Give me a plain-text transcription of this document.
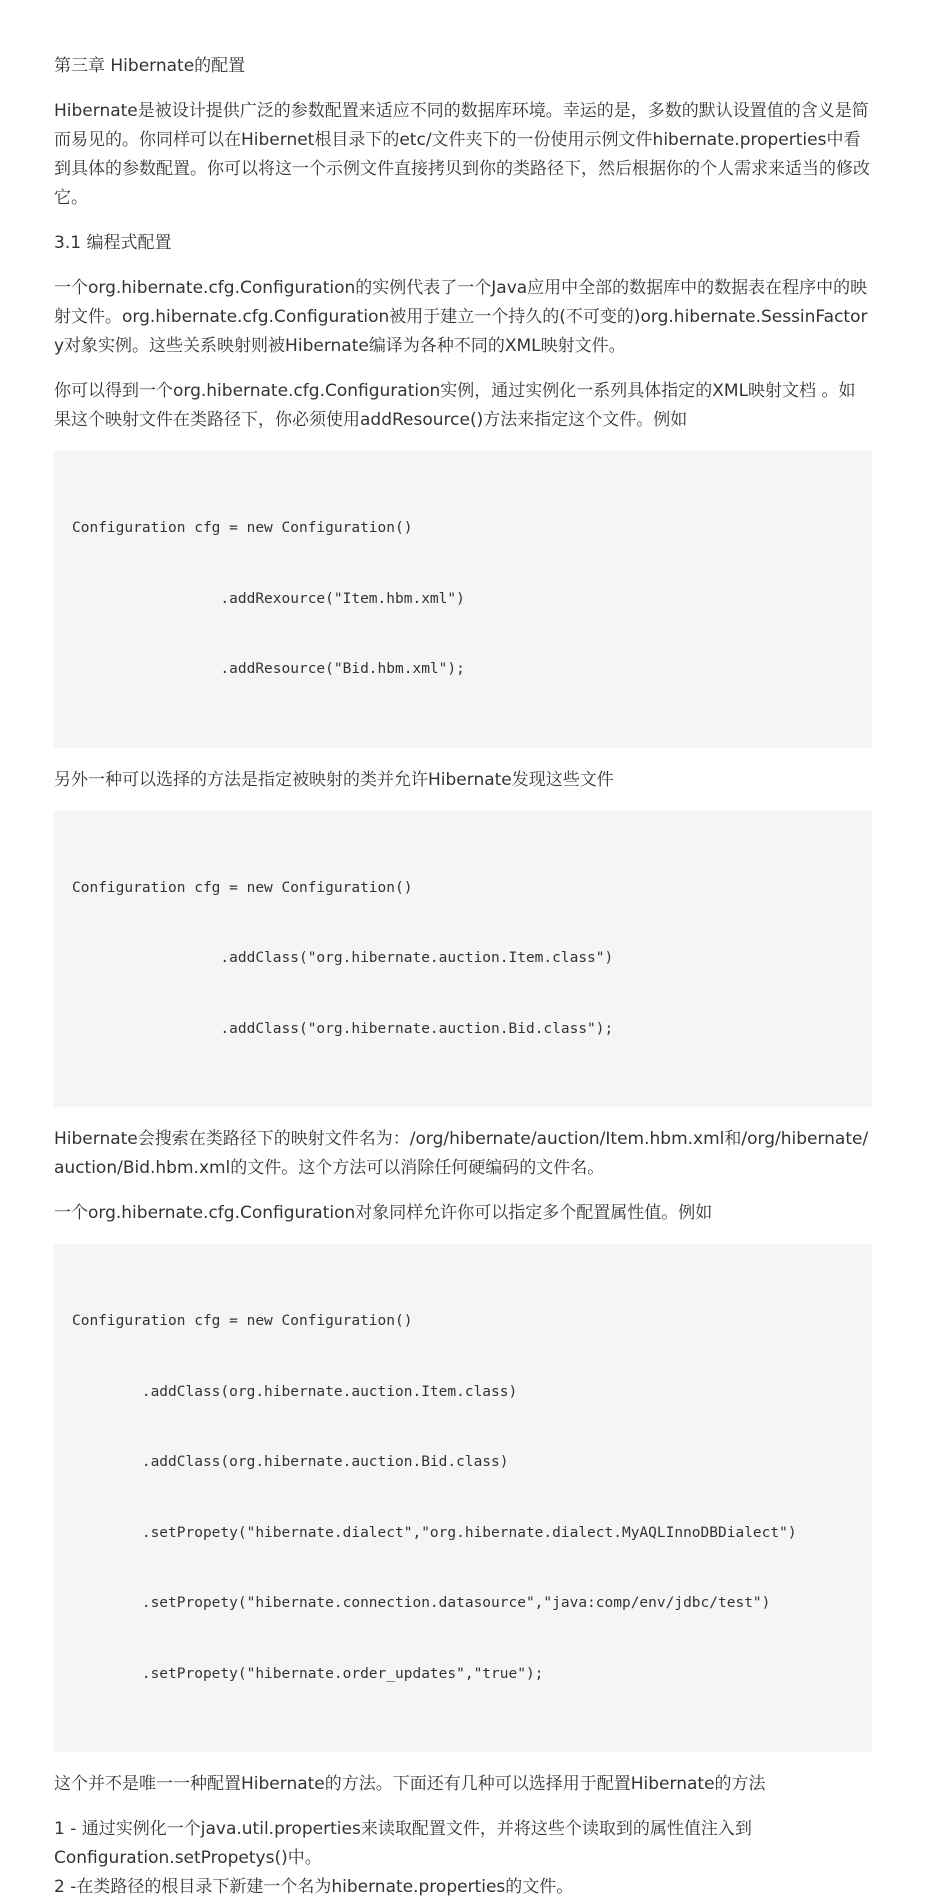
第三章 Hibernate的配置

Hibernate是被设计提供广泛的参数配置来适应不同的数据库环境。幸运的是，多数的默认设置值的含义是简而易见的。你同样可以在Hibernet根目录下的etc/文件夹下的一份使用示例文件hibernate.properties中看到具体的参数配置。你可以将这一个示例文件直接拷贝到你的类路径下，然后根据你的个人需求来适当的修改它。

3.1 编程式配置

一个org.hibernate.cfg.Configuration的实例代表了一个Java应用中全部的数据库中的数据表在程序中的映射文件。org.hibernate.cfg.Configuration被用于建立一个持久的(不可变的)org.hibernate.SessinFactory对象实例。这些关系映射则被Hibernate编译为各种不同的XML映射文件。

你可以得到一个org.hibernate.cfg.Configuration实例，通过实例化一系列具体指定的XML映射文档 。如果这个映射文件在类路径下，你必须使用addResource()方法来指定这个文件。例如

Configuration cfg = new Configuration()

.addRexource("Item.hbm.xml")

.addResource("Bid.hbm.xml");

另外一种可以选择的方法是指定被映射的类并允许Hibernate发现这些文件

Configuration cfg = new Configuration()

.addClass("org.hibernate.auction.Item.class")

.addClass("org.hibernate.auction.Bid.class");

Hibernate会搜索在类路径下的映射文件名为：/org/hibernate/auction/Item.hbm.xml和/org/hibernate/auction/Bid.hbm.xml的文件。这个方法可以消除任何硬编码的文件名。

一个org.hibernate.cfg.Configuration对象同样允许你可以指定多个配置属性值。例如

Configuration cfg = new Configuration()

.addClass(org.hibernate.auction.Item.class)

.addClass(org.hibernate.auction.Bid.class)

.setPropety("hibernate.dialect","org.hibernate.dialect.MyAQLInnoDBDialect")

.setPropety("hibernate.connection.datasource","java:comp/env/jdbc/test")

.setPropety("hibernate.order_updates","true");

这个并不是唯一一种配置Hibernate的方法。下面还有几种可以选择用于配置Hibernate的方法

1 - 通过实例化一个java.util.properties来读取配置文件，并将这些个读取到的属性值注入到Configuration.setPropetys()中。

2 -在类路径的根目录下新建一个名为hibernate.properties的文件。
